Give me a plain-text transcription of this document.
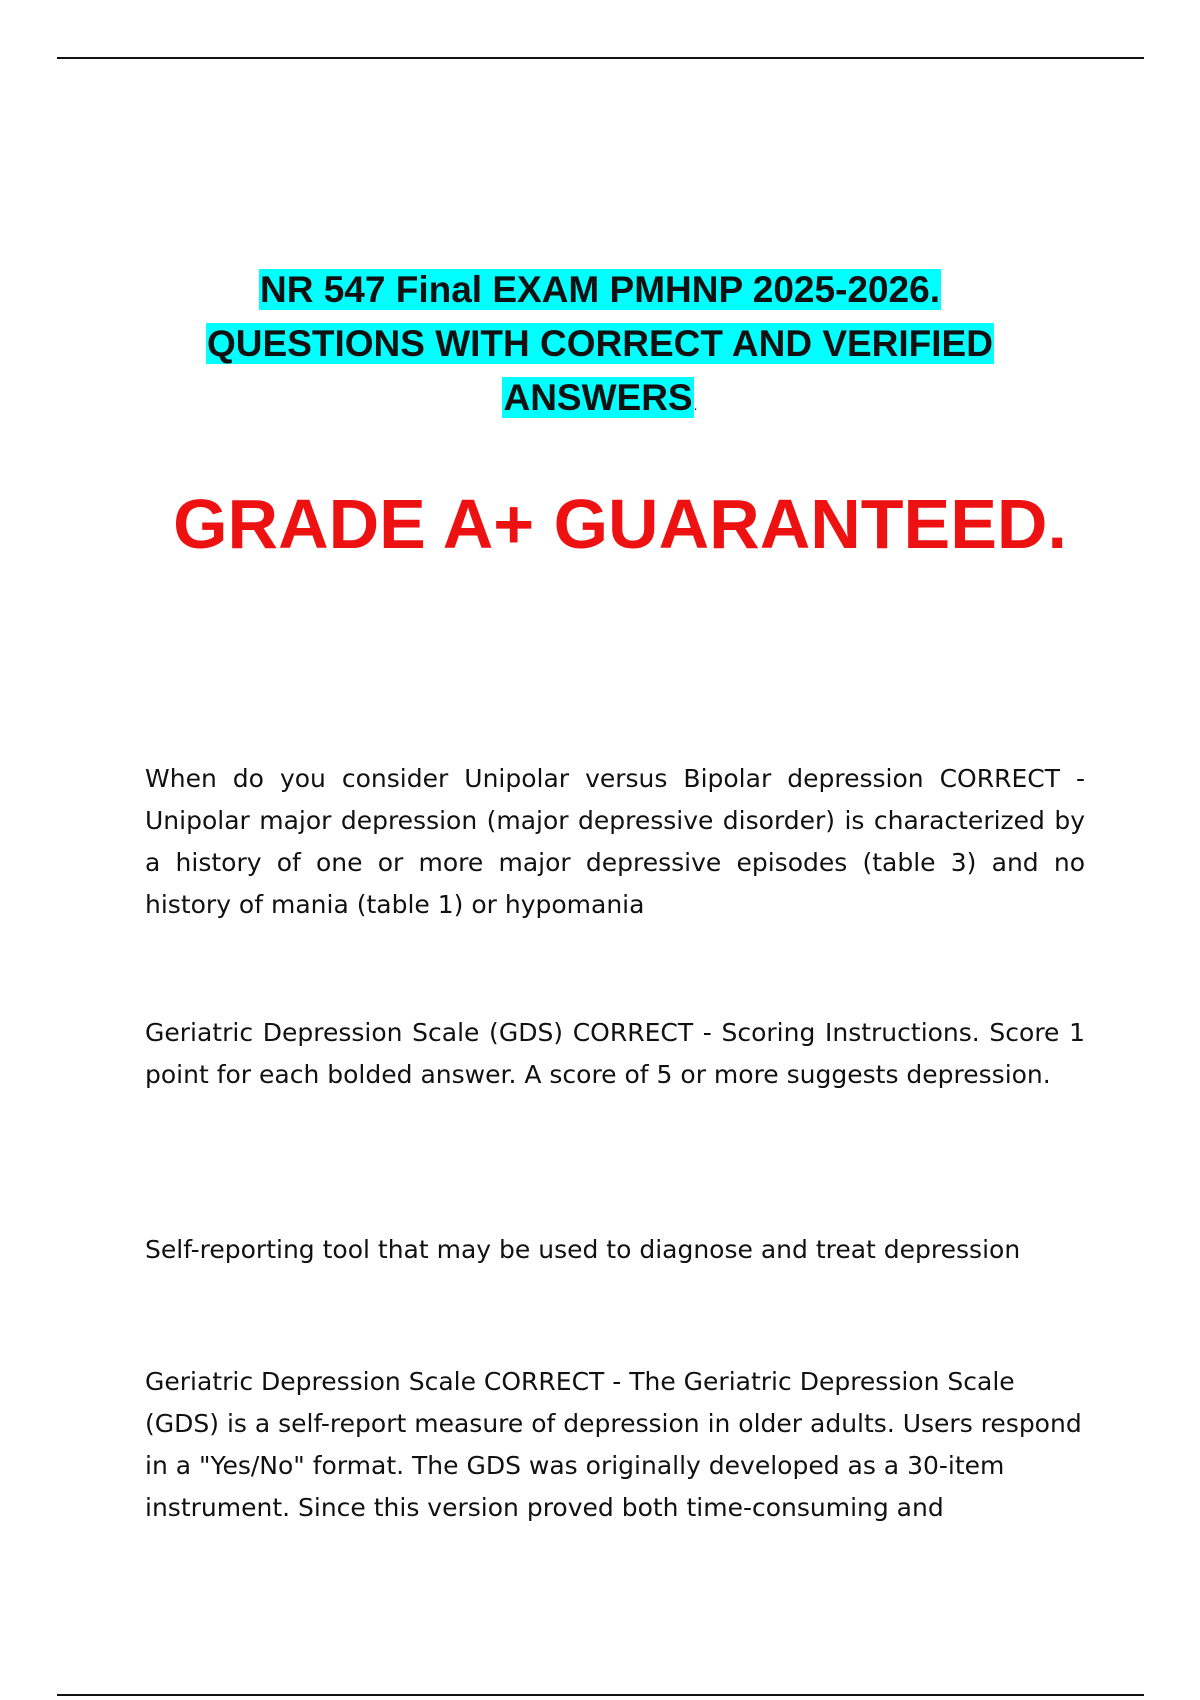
NR 547 Final EXAM PMHNP 2025-2026.
QUESTIONS WITH CORRECT AND VERIFIED
ANSWERS.
GRADE A+ GUARANTEED.
When do you consider Unipolar versus Bipolar depression CORRECT - Unipolar major depression (major depressive disorder) is characterized by a history of one or more major depressive episodes (table 3) and no history of mania (table 1) or hypomania
Geriatric Depression Scale (GDS) CORRECT - Scoring Instructions. Score 1 point for each bolded answer. A score of 5 or more suggests depression.
Self-reporting tool that may be used to diagnose and treat depression
Geriatric Depression Scale CORRECT - The Geriatric Depression Scale (GDS) is a self-report measure of depression in older adults. Users respond in a "Yes/No" format. The GDS was originally developed as a 30-item instrument. Since this version proved both time-consuming and
